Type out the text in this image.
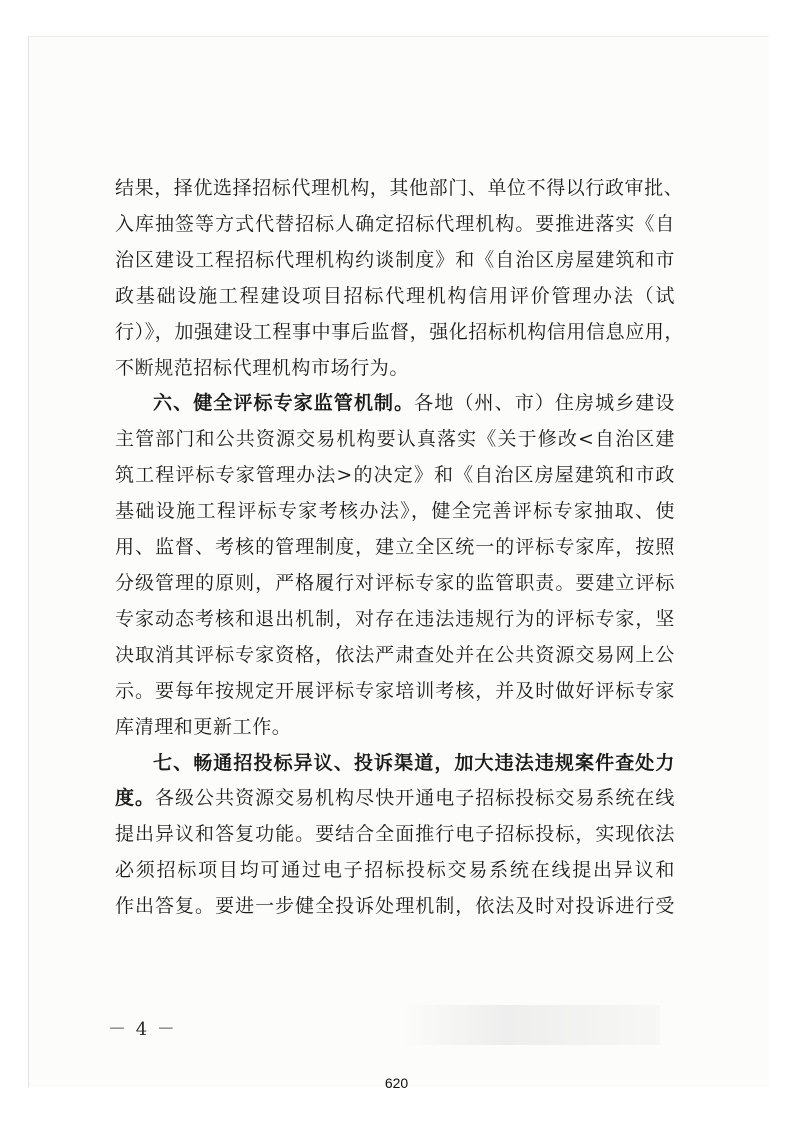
结果，择优选择招标代理机构，其他部门、单位不得以行政审批、
入库抽签等方式代替招标人确定招标代理机构。要推进落实《自
治区建设工程招标代理机构约谈制度》和《自治区房屋建筑和市
政基础设施工程建设项目招标代理机构信用评价管理办法（试
行）》，加强建设工程事中事后监督，强化招标机构信用信息应用，
不断规范招标代理机构市场行为。
六、健全评标专家监管机制。各地（州、市）住房城乡建设
主管部门和公共资源交易机构要认真落实《关于修改<自治区建
筑工程评标专家管理办法>的决定》和《自治区房屋建筑和市政
基础设施工程评标专家考核办法》，健全完善评标专家抽取、使
用、监督、考核的管理制度，建立全区统一的评标专家库，按照
分级管理的原则，严格履行对评标专家的监管职责。要建立评标
专家动态考核和退出机制，对存在违法违规行为的评标专家，坚
决取消其评标专家资格，依法严肃查处并在公共资源交易网上公
示。要每年按规定开展评标专家培训考核，并及时做好评标专家
库清理和更新工作。
七、畅通招投标异议、投诉渠道，加大违法违规案件查处力
度。各级公共资源交易机构尽快开通电子招标投标交易系统在线
提出异议和答复功能。要结合全面推行电子招标投标，实现依法
必须招标项目均可通过电子招标投标交易系统在线提出异议和
作出答复。要进一步健全投诉处理机制，依法及时对投诉进行受
－ 4 －
620
